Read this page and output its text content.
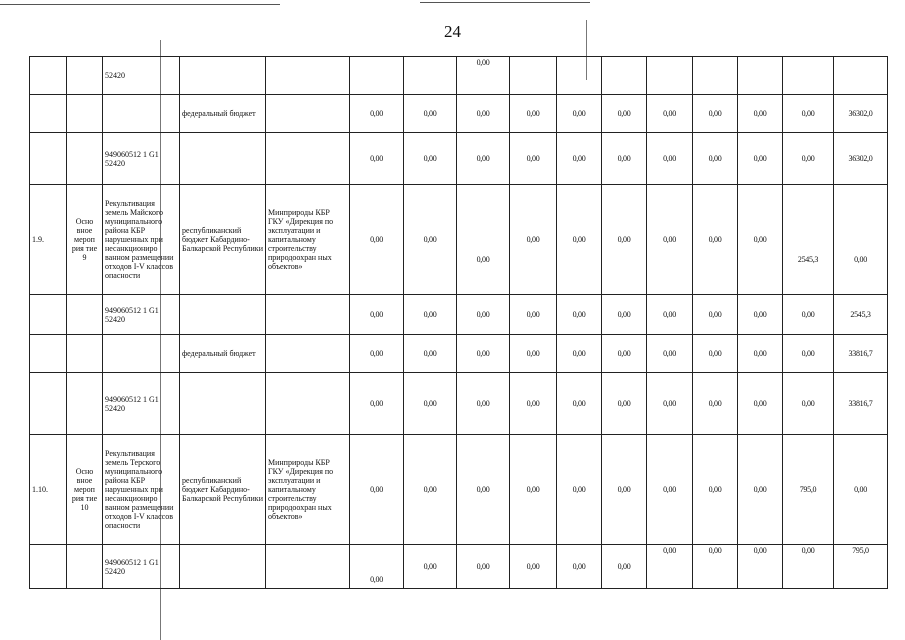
24
		52420					0,00									
			федеральный бюджет		0,00	0,00	0,00	0,00	0,00	0,00	0,00	0,00	0,00	0,00	36302,0	
		949060512 1 G1 52420			0,00	0,00	0,00	0,00	0,00	0,00	0,00	0,00	0,00	0,00	36302,0	
1.9.	Осно вное мероп рия тие 9	Рекультивация земель Майского муниципального района КБР нарушенных при несанкциониро ванном размещении отходов I-V классов опасности	республиканский бюджет Кабардино-Балкарской Республики	Минприроды КБР ГКУ «Дирекция по эксплуатации и капитальному строительству природоохран ных объектов»	0,00	0,00	0,00	0,00	0,00	0,00	0,00	0,00	0,00	2545,3	0,00	
		949060512 1 G1 52420			0,00	0,00	0,00	0,00	0,00	0,00	0,00	0,00	0,00	0,00	2545,3	
			федеральный бюджет		0,00	0,00	0,00	0,00	0,00	0,00	0,00	0,00	0,00	0,00	33816,7	
		949060512 1 G1 52420			0,00	0,00	0,00	0,00	0,00	0,00	0,00	0,00	0,00	0,00	33816,7	
1.10.	Осно вное мероп рия тие 10	Рекультивация земель Терского муниципального района КБР нарушенных при несанкциониро ванном размещении отходов I-V классов опасности	республиканский бюджет Кабардино-Балкарской Республики	Минприроды КБР ГКУ «Дирекция по эксплуатации и капитальному строительству природоохран ных объектов»	0,00	0,00	0,00	0,00	0,00	0,00	0,00	0,00	0,00	795,0	0,00	
		949060512 1 G1 52420			0,00	0,00	0,00	0,00	0,00	0,00	0,00	0,00	0,00	0,00	795,0	
